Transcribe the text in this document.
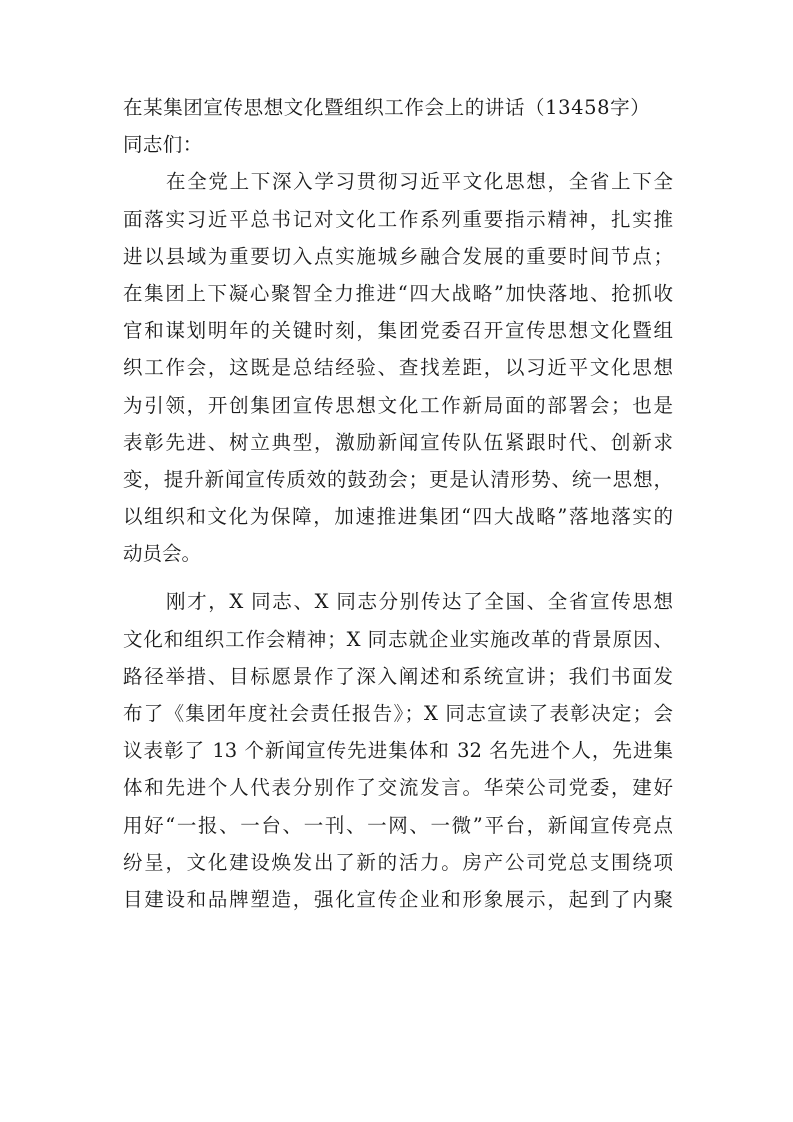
在某集团宣传思想文化暨组织工作会上的讲话（13458字）
同志们：
在全党上下深入学习贯彻习近平文化思想，全省上下全
面落实习近平总书记对文化工作系列重要指示精神，扎实推
进以县域为重要切入点实施城乡融合发展的重要时间节点；
在集团上下凝心聚智全力推进“四大战略”加快落地、抢抓收
官和谋划明年的关键时刻，集团党委召开宣传思想文化暨组
织工作会，这既是总结经验、查找差距，以习近平文化思想
为引领，开创集团宣传思想文化工作新局面的部署会；也是
表彰先进、树立典型，激励新闻宣传队伍紧跟时代、创新求
变，提升新闻宣传质效的鼓劲会；更是认清形势、统一思想，
以组织和文化为保障，加速推进集团“四大战略”落地落实的
动员会。
刚才，X 同志、X 同志分别传达了全国、全省宣传思想
文化和组织工作会精神；X 同志就企业实施改革的背景原因、
路径举措、目标愿景作了深入阐述和系统宣讲；我们书面发
布了《集团年度社会责任报告》；X 同志宣读了表彰决定；会
议表彰了 13 个新闻宣传先进集体和 32 名先进个人，先进集
体和先进个人代表分别作了交流发言。华荣公司党委，建好
用好“一报、一台、一刊、一网、一微”平台，新闻宣传亮点
纷呈，文化建设焕发出了新的活力。房产公司党总支围绕项
目建设和品牌塑造，强化宣传企业和形象展示，起到了内聚
